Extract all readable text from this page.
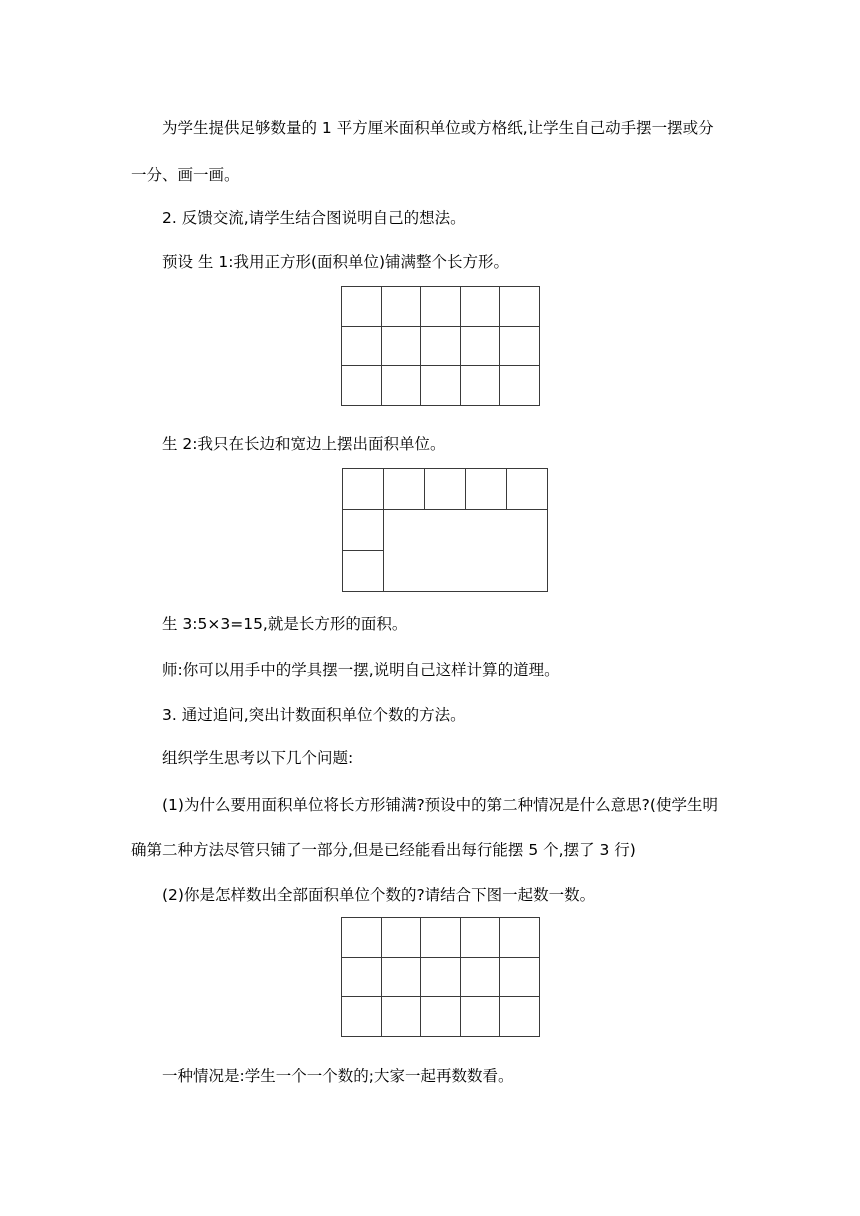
为学生提供足够数量的 1 平方厘米面积单位或方格纸,让学生自己动手摆一摆或分
一分、画一画。
2. 反馈交流,请学生结合图说明自己的想法。
预设 生 1:我用正方形(面积单位)铺满整个长方形。

生 2:我只在长边和宽边上摆出面积单位。
生 3:5×3=15,就是长方形的面积。
师:你可以用手中的学具摆一摆,说明自己这样计算的道理。
3. 通过追问,突出计数面积单位个数的方法。
组织学生思考以下几个问题:
(1)为什么要用面积单位将长方形铺满?预设中的第二种情况是什么意思?(使学生明
确第二种方法尽管只铺了一部分,但是已经能看出每行能摆 5 个,摆了 3 行)
(2)你是怎样数出全部面积单位个数的?请结合下图一起数一数。

一种情况是:学生一个一个数的;大家一起再数数看。
